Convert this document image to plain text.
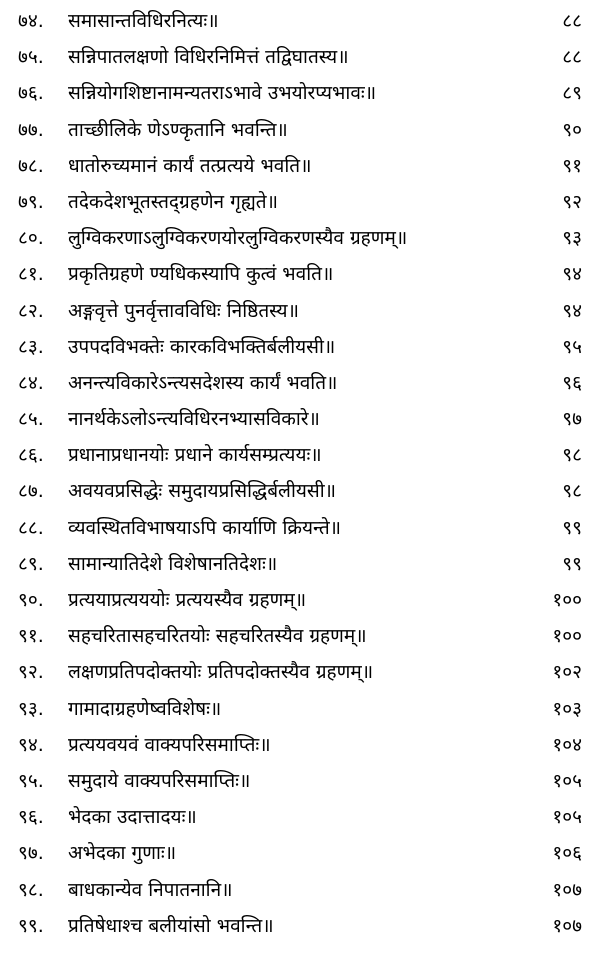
७४. समासान्तविधिरनित्यः॥	८८
७५. सन्निपातलक्षणो विधिरनिमित्तं तद्विघातस्य॥	८८
७६. सन्नियोगशिष्टानामन्यतराऽभावे उभयोरप्यभावः॥	८९
७७. ताच्छीलिके णेऽण्कृतानि भवन्ति॥	९०
७८. धातोरुच्यमानं कार्यं तत्प्रत्यये भवति॥	९१
७९. तदेकदेशभूतस्तद्ग्रहणेन गृह्यते॥	९२
८०. लुग्विकरणाऽलुग्विकरणयोरलुग्विकरणस्यैव ग्रहणम्॥	९३
८१. प्रकृतिग्रहणे ण्यधिकस्यापि कुत्वं भवति॥	९४
८२. अङ्गवृत्ते पुनर्वृत्तावविधिः निष्ठितस्य॥	९४
८३. उपपदविभक्तेः कारकविभक्तिर्बलीयसी॥	९५
८४. अनन्त्यविकारेऽन्त्यसदेशस्य कार्यं भवति॥	९६
८५. नानर्थकेऽलोऽन्त्यविधिरनभ्यासविकारे॥	९७
८६. प्रधानाप्रधानयोः प्रधाने कार्यसम्प्रत्ययः॥	९८
८७. अवयवप्रसिद्धेः समुदायप्रसिद्धिर्बलीयसी॥	९८
८८. व्यवस्थितविभाषयाऽपि कार्याणि क्रियन्ते॥	९९
८९. सामान्यातिदेशे विशेषानतिदेशः॥	९९
९०. प्रत्ययाप्रत्यययोः प्रत्ययस्यैव ग्रहणम्॥	१००
९१. सहचरितासहचरितयोः सहचरितस्यैव ग्रहणम्॥	१००
९२. लक्षणप्रतिपदोक्तयोः प्रतिपदोक्तस्यैव ग्रहणम्॥	१०२
९३. गामादाग्रहणेष्वविशेषः॥	१०३
९४. प्रत्ययवयवं वाक्यपरिसमाप्तिः॥	१०४
९५. समुदाये वाक्यपरिसमाप्तिः॥	१०५
९६. भेदका उदात्तादयः॥	१०५
९७. अभेदका गुणाः॥	१०६
९८. बाधकान्येव निपातनानि॥	१०७
९९. प्रतिषेधाश्च बलीयांसो भवन्ति॥	१०७
